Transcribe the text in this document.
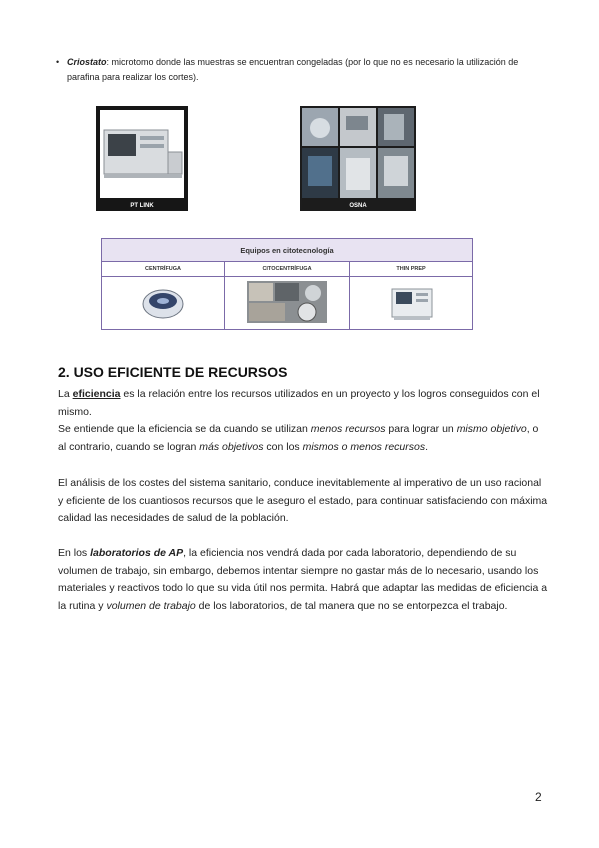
• Criostato: microtomo donde las muestras se encuentran congeladas (por lo que no es necesario la utilización de parafina para realizar los cortes).
PT LINK	OSNA
Equipos en citotecnología		
CENTRÍFUGA	CITOCENTRÍFUGA	THIN PREP

2. USO EFICIENTE DE RECURSOS

La eficiencia es la relación entre los recursos utilizados en un proyecto y los logros conseguidos con el mismo.

Se entiende que la eficiencia se da cuando se utilizan menos recursos para lograr un mismo objetivo, o al contrario, cuando se logran más objetivos con los mismos o menos recursos.

El análisis de los costes del sistema sanitario, conduce inevitablemente al imperativo de un uso racional y eficiente de los cuantiosos recursos que le aseguro el estado, para continuar satisfaciendo con máxima calidad las necesidades de salud de la población.

En los laboratorios de AP, la eficiencia nos vendrá dada por cada laboratorio, dependiendo de su volumen de trabajo, sin embargo, debemos intentar siempre no gastar más de lo necesario, usando los materiales y reactivos todo lo que su vida útil nos permita. Habrá que adaptar las medidas de eficiencia a la rutina y volumen de trabajo de los laboratorios, de tal manera que no se entorpezca el trabajo.

2
